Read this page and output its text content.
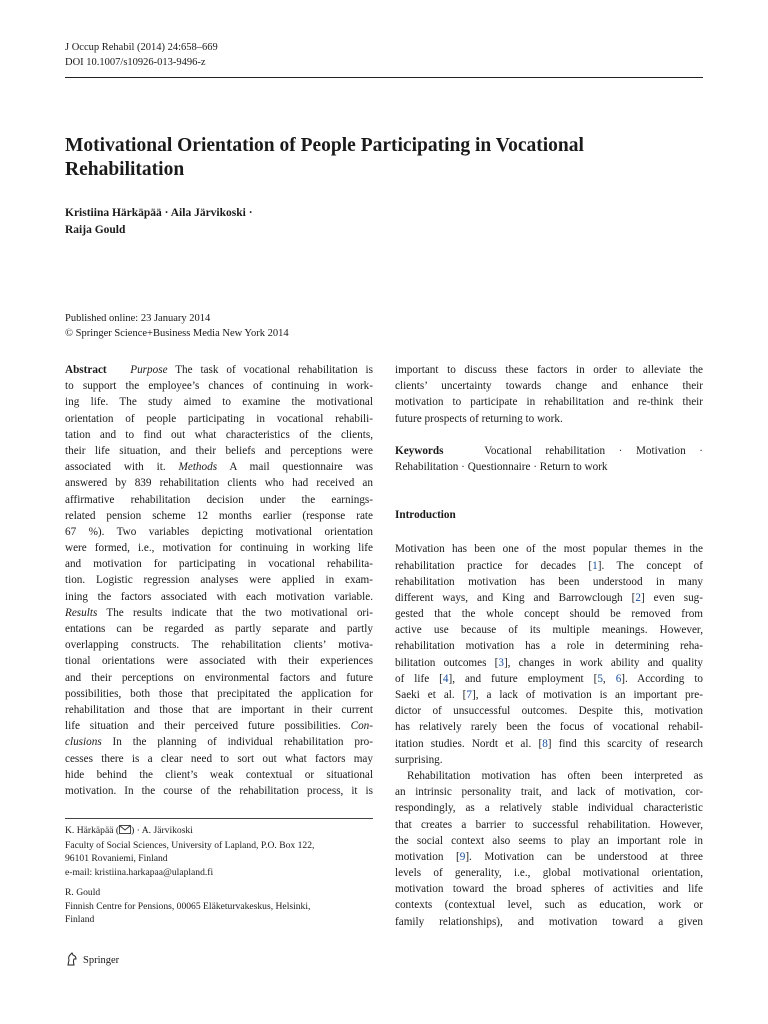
J Occup Rehabil (2014) 24:658–669
DOI 10.1007/s10926-013-9496-z
Motivational Orientation of People Participating in Vocational
Rehabilitation
Kristiina Härkäpää · Aila Järvikoski ·
Raija Gould
Published online: 23 January 2014
© Springer Science+Business Media New York 2014
Abstract Purpose The task of vocational rehabilitation is
to support the employee’s chances of continuing in work-
ing life. The study aimed to examine the motivational
orientation of people participating in vocational rehabili-
tation and to find out what characteristics of the clients,
their life situation, and their beliefs and perceptions were
associated with it. Methods A mail questionnaire was
answered by 839 rehabilitation clients who had received an
affirmative rehabilitation decision under the earnings-
related pension scheme 12 months earlier (response rate
67 %). Two variables depicting motivational orientation
were formed, i.e., motivation for continuing in working life
and motivation for participating in vocational rehabilita-
tion. Logistic regression analyses were applied in exam-
ining the factors associated with each motivation variable.
Results The results indicate that the two motivational ori-
entations can be regarded as partly separate and partly
overlapping constructs. The rehabilitation clients’ motiva-
tional orientations were associated with their experiences
and their perceptions on environmental factors and future
possibilities, both those that precipitated the application for
rehabilitation and those that are important in their current
life situation and their perceived future possibilities. Con-
clusions In the planning of individual rehabilitation pro-
cesses there is a clear need to sort out what factors may
hide behind the client’s weak contextual or situational
motivation. In the course of the rehabilitation process, it is

K. Härkäpää ( ) · A. Järvikoski

Faculty of Social Sciences, University of Lapland, P.O. Box 122,

96101 Rovaniemi, Finland

e-mail: kristiina.harkapaa@ulapland.fi

R. Gould

Finnish Centre for Pensions, 00065 Eläketurvakeskus, Helsinki,

Finland

Springer
important to discuss these factors in order to alleviate the
clients’ uncertainty towards change and enhance their
motivation to participate in rehabilitation and re-think their
future prospects of returning to work.
Keywords	Vocational rehabilitation · Motivation ·
Rehabilitation · Questionnaire · Return to work
Introduction
Motivation has been one of the most popular themes in the
rehabilitation practice for decades [1]. The concept of
rehabilitation motivation has been understood in many
different ways, and King and Barrowclough [2] even sug-
gested that the whole concept should be removed from
active use because of its multiple meanings. However,
rehabilitation motivation has a role in determining reha-
bilitation outcomes [3], changes in work ability and quality
of life [4], and future employment [5, 6]. According to
Saeki et al. [7], a lack of motivation is an important pre-
dictor of unsuccessful outcomes. Despite this, motivation
has relatively rarely been the focus of vocational rehabil-
itation studies. Nordt et al. [8] find this scarcity of research
surprising.
Rehabilitation motivation has often been interpreted as
an intrinsic personality trait, and lack of motivation, cor-
respondingly, as a relatively stable individual characteristic
that creates a barrier to successful rehabilitation. However,
the social context also seems to play an important role in
motivation [9]. Motivation can be understood at three
levels of generality, i.e., global motivational orientation,
motivation toward the broad spheres of activities and life
contexts (contextual level, such as education, work or
family relationships), and motivation toward a given
